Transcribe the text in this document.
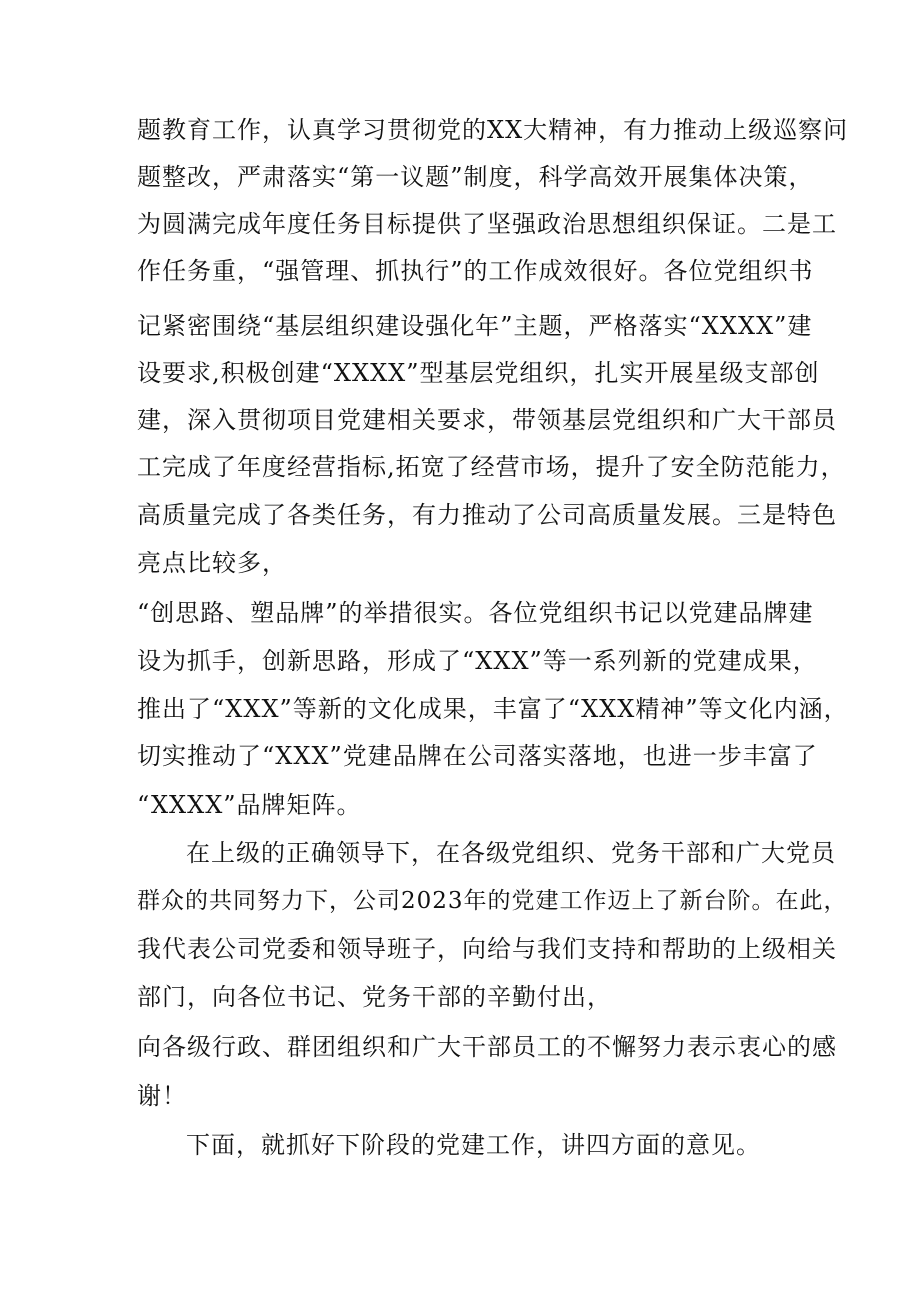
题教育工作，认真学习贯彻党的XX大精神，有力推动上级巡察问
题整改，严肃落实“第一议题”制度，科学高效开展集体决策，
为圆满完成年度任务目标提供了坚强政治思想组织保证。二是工
作任务重，“强管理、抓执行”的工作成效很好。各位党组织书
记紧密围绕“基层组织建设强化年”主题，严格落实“XXXX”建
设要求,积极创建“XXXX”型基层党组织，扎实开展星级支部创
建，深入贯彻项目党建相关要求，带领基层党组织和广大干部员
工完成了年度经营指标,拓宽了经营市场，提升了安全防范能力，
高质量完成了各类任务，有力推动了公司高质量发展。三是特色
亮点比较多，
“创思路、塑品牌”的举措很实。各位党组织书记以党建品牌建
设为抓手，创新思路，形成了“XXX”等一系列新的党建成果，
推出了“XXX”等新的文化成果，丰富了“XXX精神”等文化内涵，
切实推动了“XXX”党建品牌在公司落实落地，也进一步丰富了
“XXXX”品牌矩阵。
在上级的正确领导下，在各级党组织、党务干部和广大党员
群众的共同努力下，公司2023年的党建工作迈上了新台阶。在此，
我代表公司党委和领导班子，向给与我们支持和帮助的上级相关
部门，向各位书记、党务干部的辛勤付出，
向各级行政、群团组织和广大干部员工的不懈努力表示衷心的感
谢！
下面，就抓好下阶段的党建工作，讲四方面的意见。
